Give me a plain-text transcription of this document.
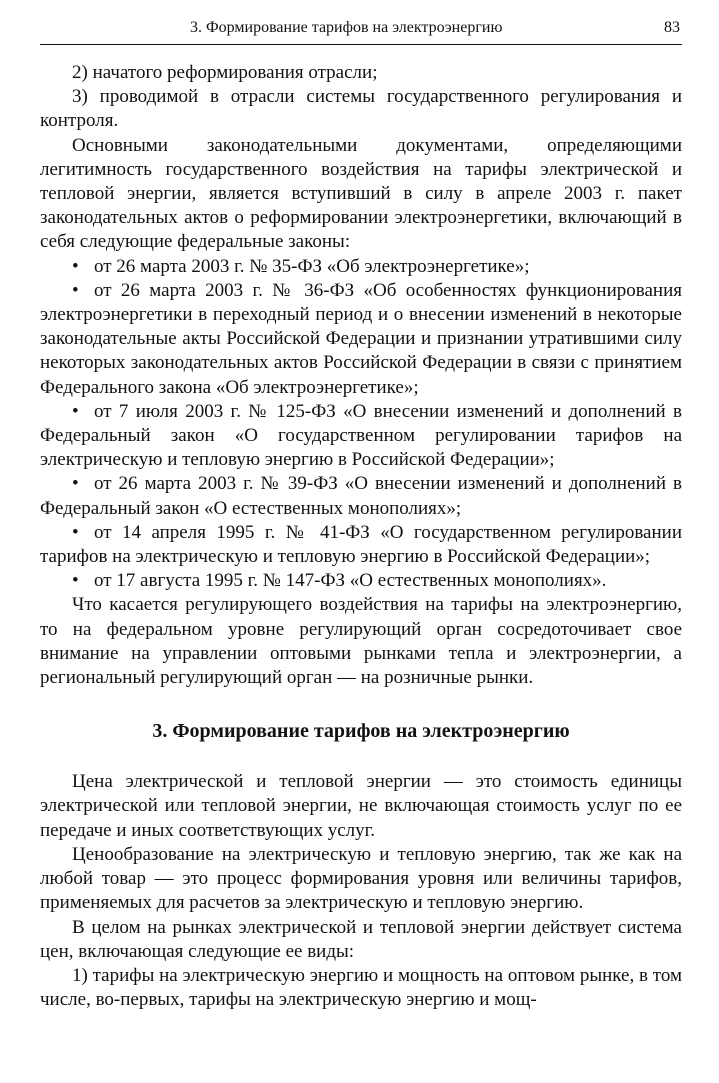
3. Формирование тарифов на электроэнергию	83

2) начатого реформирования отрасли;

3) проводимой в отрасли системы государственного регулирования и контроля.

Основными законодательными документами, определяющими легитимность государственного воздействия на тарифы электрической и тепловой энергии, является вступивший в силу в апреле 2003 г. пакет законодательных актов о реформировании электроэнергетики, включающий в себя следующие федеральные законы:

• от 26 марта 2003 г. № 35-ФЗ «Об электроэнергетике»;

• от 26 марта 2003 г. № 36-ФЗ «Об особенностях функционирования электроэнергетики в переходный период и о внесении изменений в некоторые законодательные акты Российской Федерации и признании утратившими силу некоторых законодательных актов Российской Федерации в связи с принятием Федерального закона «Об электроэнергетике»;

• от 7 июля 2003 г. № 125-ФЗ «О внесении изменений и дополнений в Федеральный закон «О государственном регулировании тарифов на электрическую и тепловую энергию в Российской Федерации»;

• от 26 марта 2003 г. № 39-ФЗ «О внесении изменений и дополнений в Федеральный закон «О естественных монополиях»;

• от 14 апреля 1995 г. № 41-ФЗ «О государственном регулировании тарифов на электрическую и тепловую энергию в Российской Федерации»;

• от 17 августа 1995 г. № 147-ФЗ «О естественных монополиях».

Что касается регулирующего воздействия на тарифы на электроэнергию, то на федеральном уровне регулирующий орган сосредоточивает свое внимание на управлении оптовыми рынками тепла и электроэнергии, а региональный регулирующий орган — на розничные рынки.

3. Формирование тарифов на электроэнергию

Цена электрической и тепловой энергии — это стоимость единицы электрической или тепловой энергии, не включающая стоимость услуг по ее передаче и иных соответствующих услуг.

Ценообразование на электрическую и тепловую энергию, так же как на любой товар — это процесс формирования уровня или величины тарифов, применяемых для расчетов за электрическую и тепловую энергию.

В целом на рынках электрической и тепловой энергии действует система цен, включающая следующие ее виды:

1) тарифы на электрическую энергию и мощность на оптовом рынке, в том числе, во-первых, тарифы на электрическую энергию и мощ-
